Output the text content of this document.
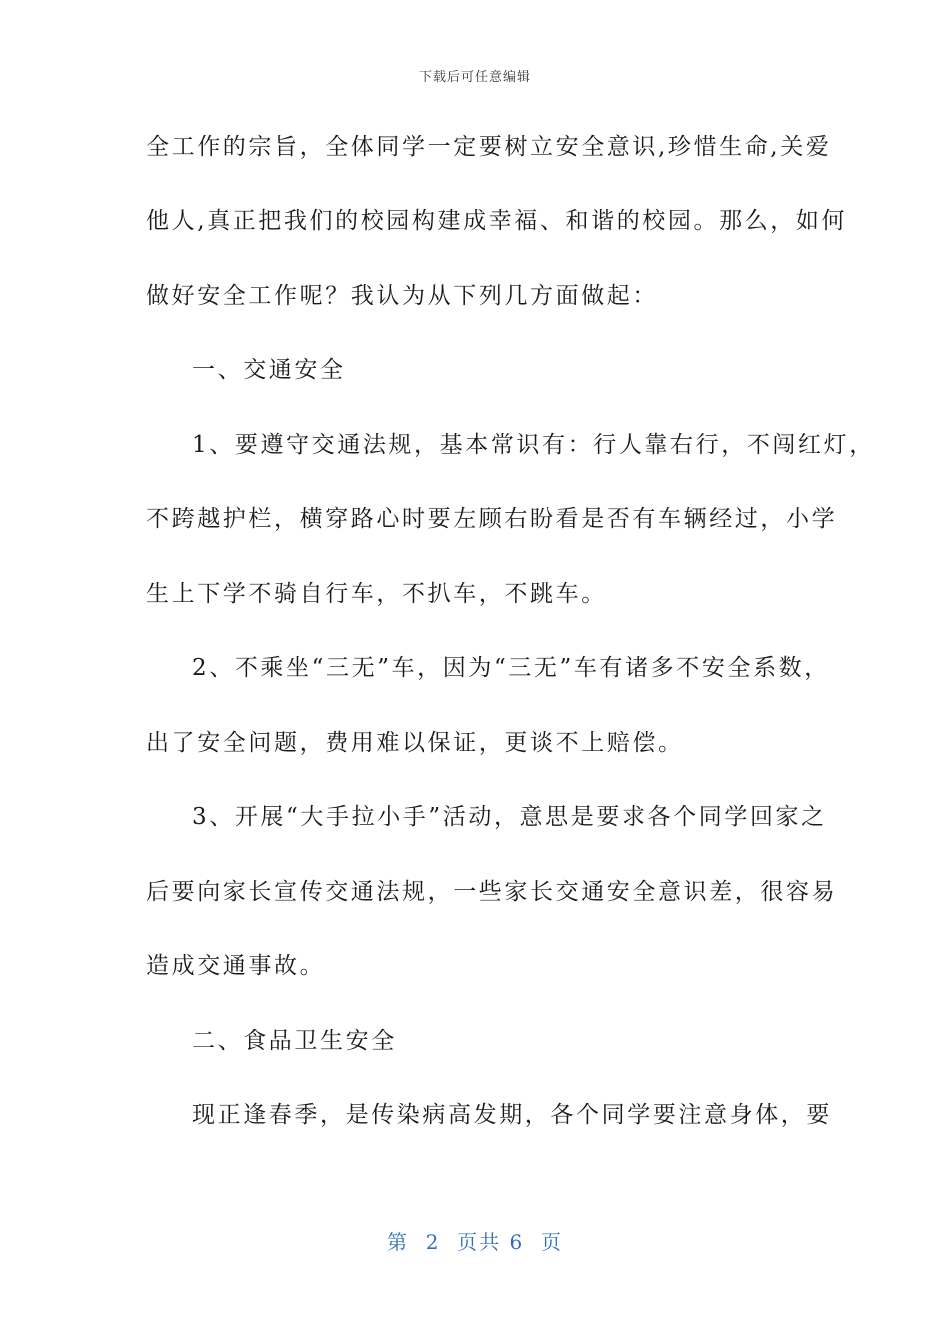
下载后可任意编辑
全工作的宗旨，全体同学一定要树立安全意识,珍惜生命,关爱
他人,真正把我们的校园构建成幸福、和谐的校园。那么，如何
做好安全工作呢？我认为从下列几方面做起：
一、交通安全
1、要遵守交通法规，基本常识有：行人靠右行，不闯红灯，
不跨越护栏，横穿路心时要左顾右盼看是否有车辆经过，小学
生上下学不骑自行车，不扒车，不跳车。
2、不乘坐“三无”车，因为“三无”车有诸多不安全系数，
出了安全问题，费用难以保证，更谈不上赔偿。
3、开展“大手拉小手”活动，意思是要求各个同学回家之
后要向家长宣传交通法规，一些家长交通安全意识差，很容易
造成交通事故。
二、食品卫生安全
现正逢春季，是传染病高发期，各个同学要注意身体，要
第  2  页共 6  页
